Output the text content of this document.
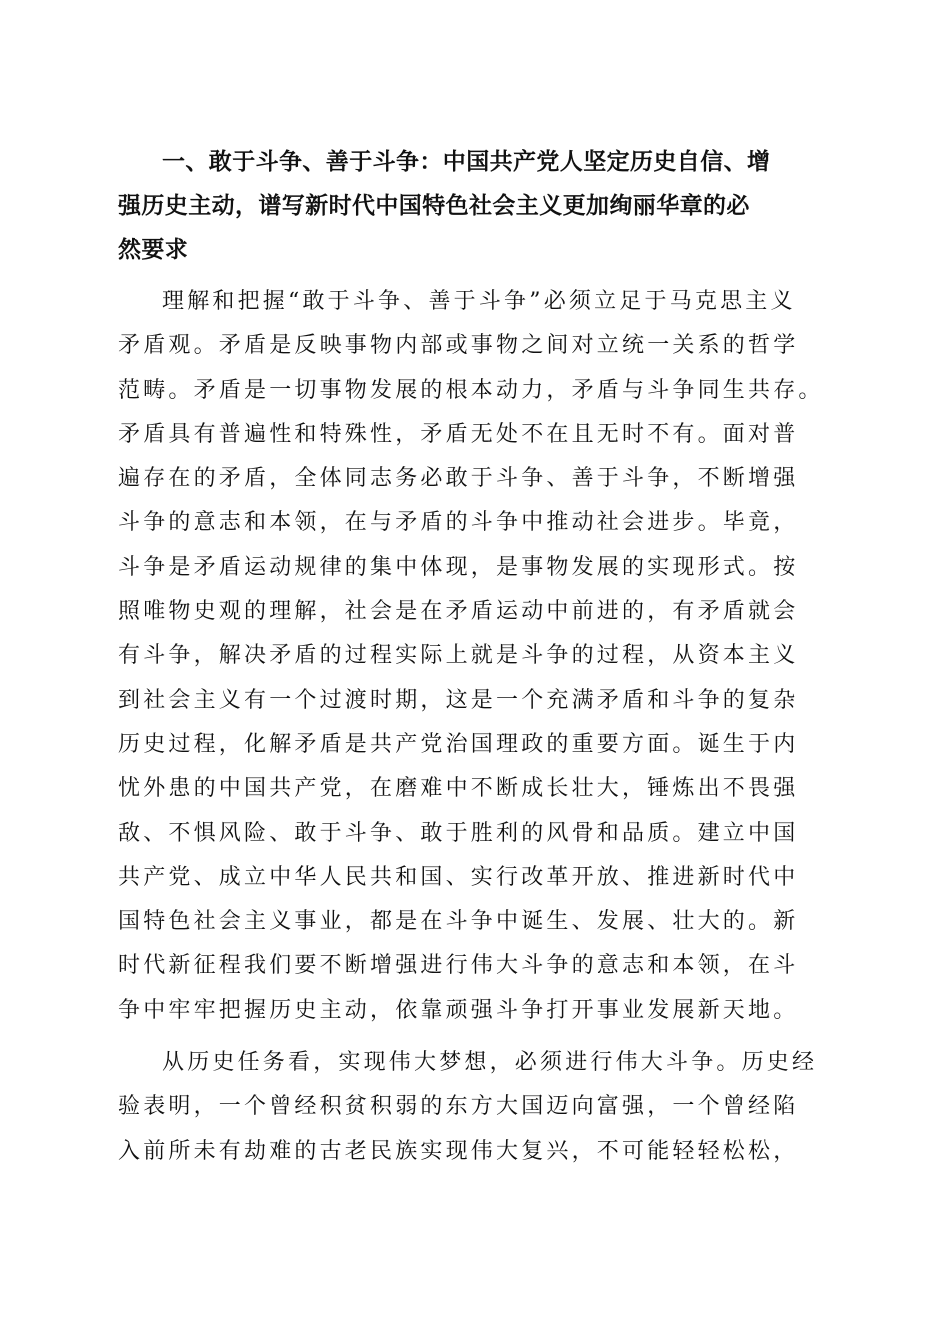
一、敢于斗争、善于斗争：中国共产党人坚定历史自信、增
强历史主动，谱写新时代中国特色社会主义更加绚丽华章的必
然要求
理解和把握“敢于斗争、善于斗争”必须立足于马克思主义
矛盾观。矛盾是反映事物内部或事物之间对立统一关系的哲学
范畴。矛盾是一切事物发展的根本动力，矛盾与斗争同生共存。
矛盾具有普遍性和特殊性，矛盾无处不在且无时不有。面对普
遍存在的矛盾，全体同志务必敢于斗争、善于斗争，不断增强
斗争的意志和本领，在与矛盾的斗争中推动社会进步。毕竟，
斗争是矛盾运动规律的集中体现，是事物发展的实现形式。按
照唯物史观的理解，社会是在矛盾运动中前进的，有矛盾就会
有斗争，解决矛盾的过程实际上就是斗争的过程，从资本主义
到社会主义有一个过渡时期，这是一个充满矛盾和斗争的复杂
历史过程，化解矛盾是共产党治国理政的重要方面。诞生于内
忧外患的中国共产党，在磨难中不断成长壮大，锤炼出不畏强
敌、不惧风险、敢于斗争、敢于胜利的风骨和品质。建立中国
共产党、成立中华人民共和国、实行改革开放、推进新时代中
国特色社会主义事业，都是在斗争中诞生、发展、壮大的。新
时代新征程我们要不断增强进行伟大斗争的意志和本领，在斗
争中牢牢把握历史主动，依靠顽强斗争打开事业发展新天地。
从历史任务看，实现伟大梦想，必须进行伟大斗争。历史经
验表明，一个曾经积贫积弱的东方大国迈向富强，一个曾经陷
入前所未有劫难的古老民族实现伟大复兴，不可能轻轻松松，
